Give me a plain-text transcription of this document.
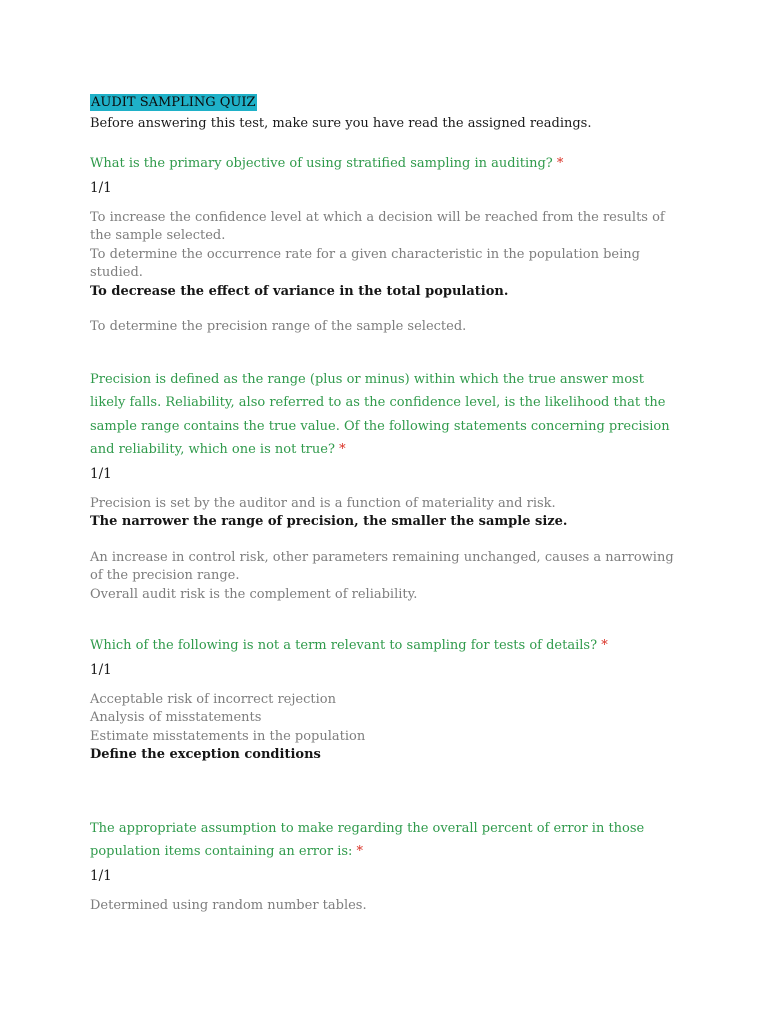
AUDIT SAMPLING QUIZ

Before answering this test, make sure you have read the assigned readings.

What is the primary objective of using stratified sampling in auditing? *

1/1

To increase the confidence level at which a decision will be reached from the results of the sample selected.

To determine the occurrence rate for a given characteristic in the population being studied.

To decrease the effect of variance in the total population.

To determine the precision range of the sample selected.

Precision is defined as the range (plus or minus) within which the true answer most likely falls. Reliability, also referred to as the confidence level, is the likelihood that the sample range contains the true value. Of the following statements concerning precision and reliability, which one is not true? *

1/1

Precision is set by the auditor and is a function of materiality and risk.

The narrower the range of precision, the smaller the sample size.

An increase in control risk, other parameters remaining unchanged, causes a narrowing of the precision range.

Overall audit risk is the complement of reliability.

Which of the following is not a term relevant to sampling for tests of details? *

1/1

Acceptable risk of incorrect rejection

Analysis of misstatements

Estimate misstatements in the population

Define the exception conditions

The appropriate assumption to make regarding the overall percent of error in those population items containing an error is: *

1/1

Determined using random number tables.
